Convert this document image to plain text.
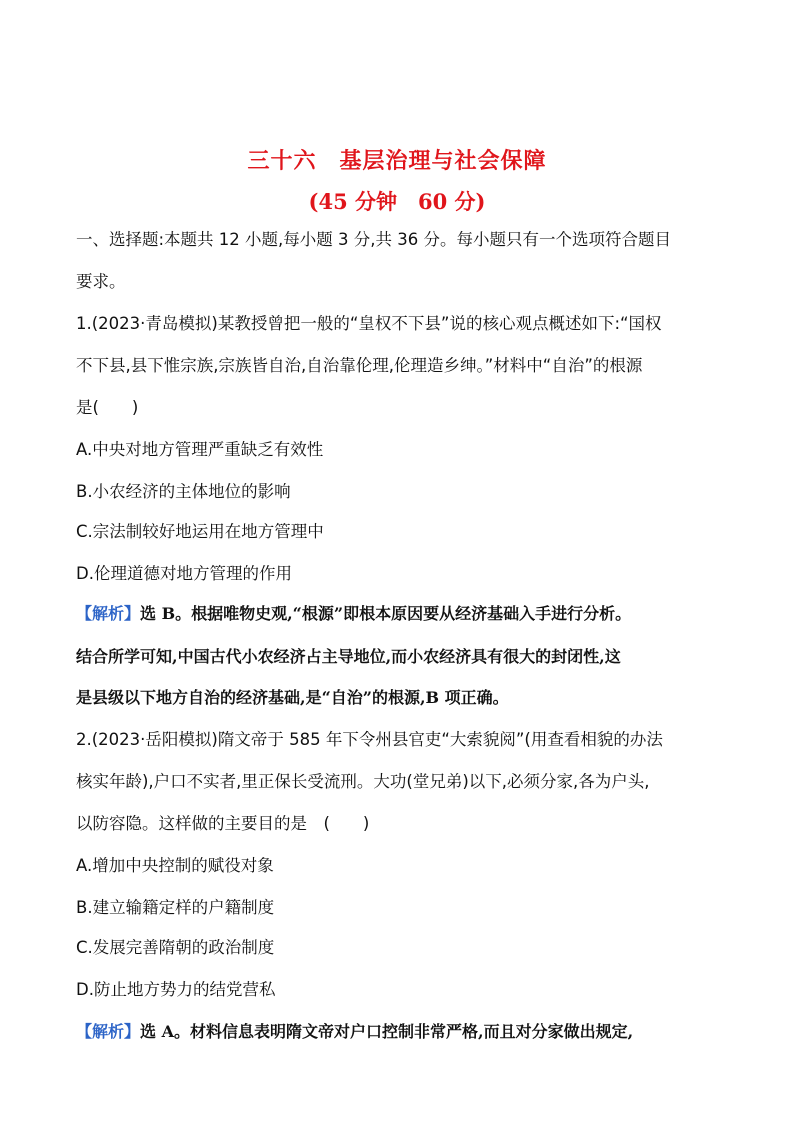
三十六　基层治理与社会保障
(45 分钟　60 分)
一、选择题:本题共 12 小题,每小题 3 分,共 36 分。每小题只有一个选项符合题目
要求。
1.(2023·青岛模拟)某教授曾把一般的“皇权不下县”说的核心观点概述如下:“国权
不下县,县下惟宗族,宗族皆自治,自治靠伦理,伦理造乡绅。”材料中“自治”的根源
是(　　)
A.中央对地方管理严重缺乏有效性
B.小农经济的主体地位的影响
C.宗法制较好地运用在地方管理中
D.伦理道德对地方管理的作用
【解析】选 B。根据唯物史观,“根源”即根本原因要从经济基础入手进行分析。
结合所学可知,中国古代小农经济占主导地位,而小农经济具有很大的封闭性,这
是县级以下地方自治的经济基础,是“自治”的根源,B 项正确。
2.(2023·岳阳模拟)隋文帝于 585 年下令州县官吏“大索貌阅”(用查看相貌的办法
核实年龄),户口不实者,里正保长受流刑。大功(堂兄弟)以下,必须分家,各为户头,
以防容隐。这样做的主要目的是　(　　)
A.增加中央控制的赋役对象
B.建立输籍定样的户籍制度
C.发展完善隋朝的政治制度
D.防止地方势力的结党营私
【解析】选 A。材料信息表明隋文帝对户口控制非常严格,而且对分家做出规定,
